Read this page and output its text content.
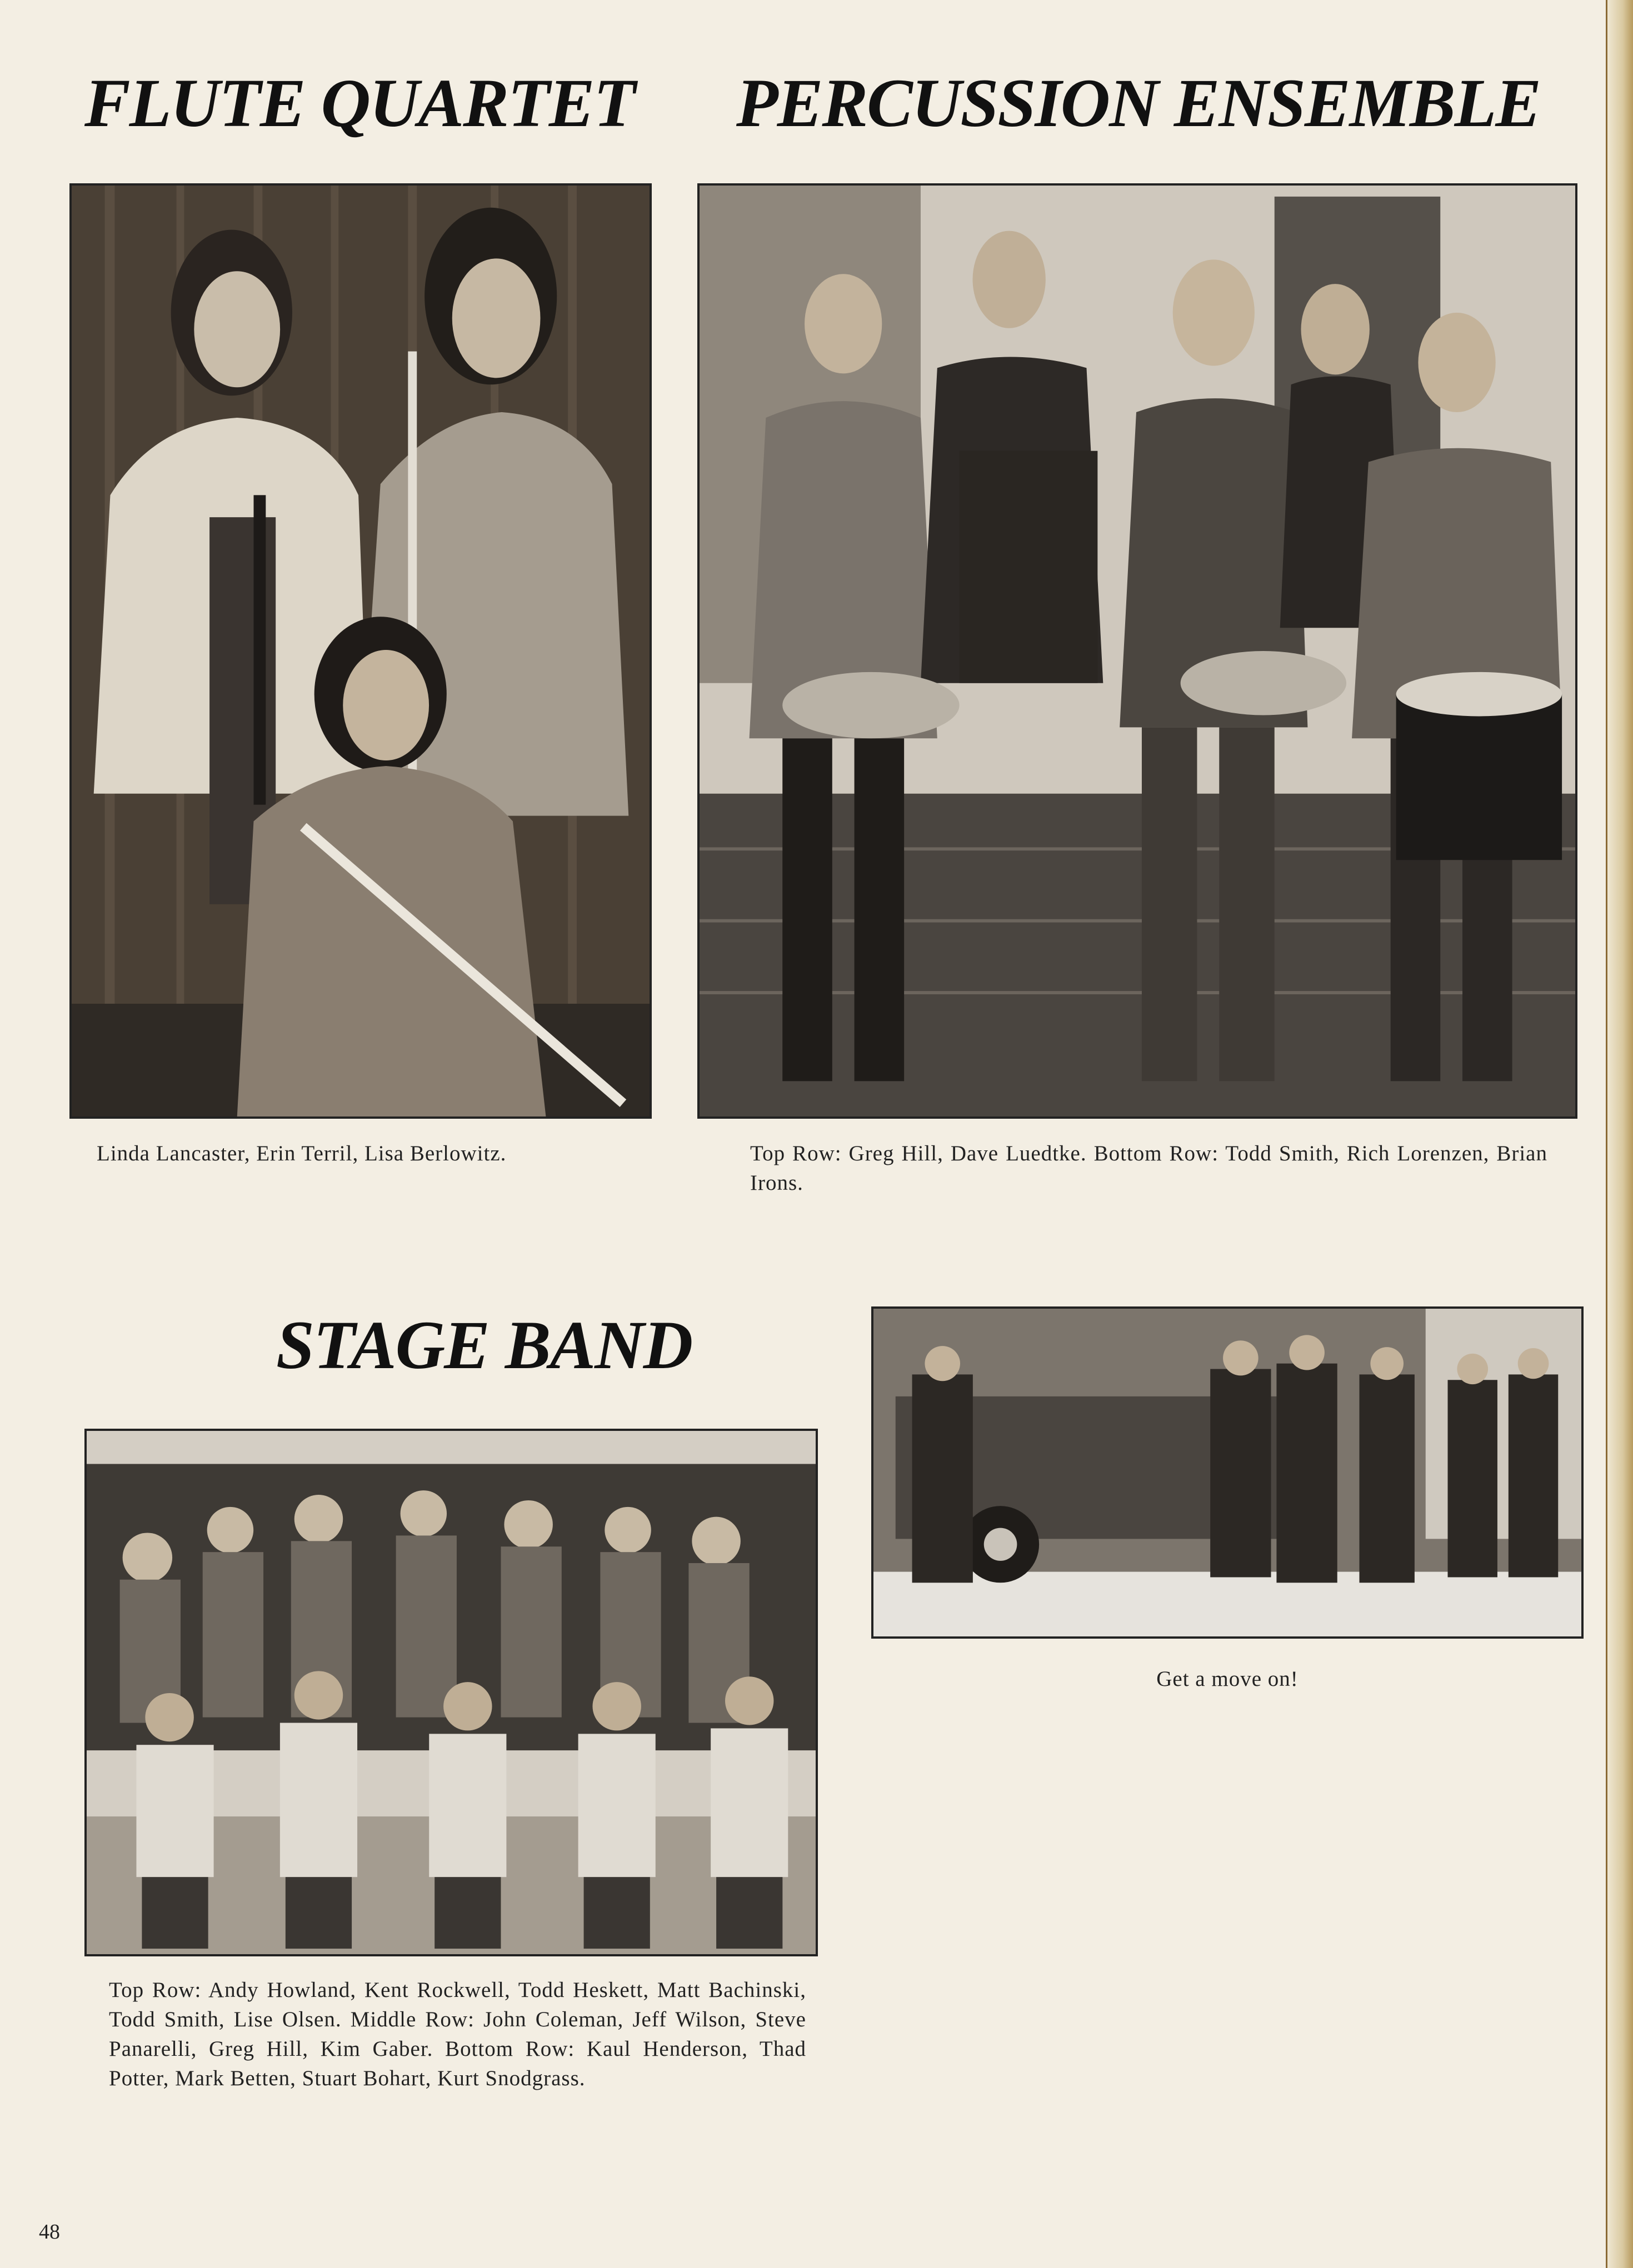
FLUTE QUARTET

Linda Lancaster, Erin Terril, Lisa Berlowitz.

PERCUSSION ENSEMBLE

Top Row: Greg Hill, Dave Luedtke. Bottom Row: Todd Smith, Rich Lorenzen, Brian Irons.

STAGE BAND

Top Row: Andy Howland, Kent Rockwell, Todd Heskett, Matt Bachinski, Todd Smith, Lise Olsen. Middle Row: John Coleman, Jeff Wilson, Steve Panarelli, Greg Hill, Kim Gaber. Bottom Row: Kaul Henderson, Thad Potter, Mark Betten, Stuart Bohart, Kurt Snodgrass.

Get a move on!

48
